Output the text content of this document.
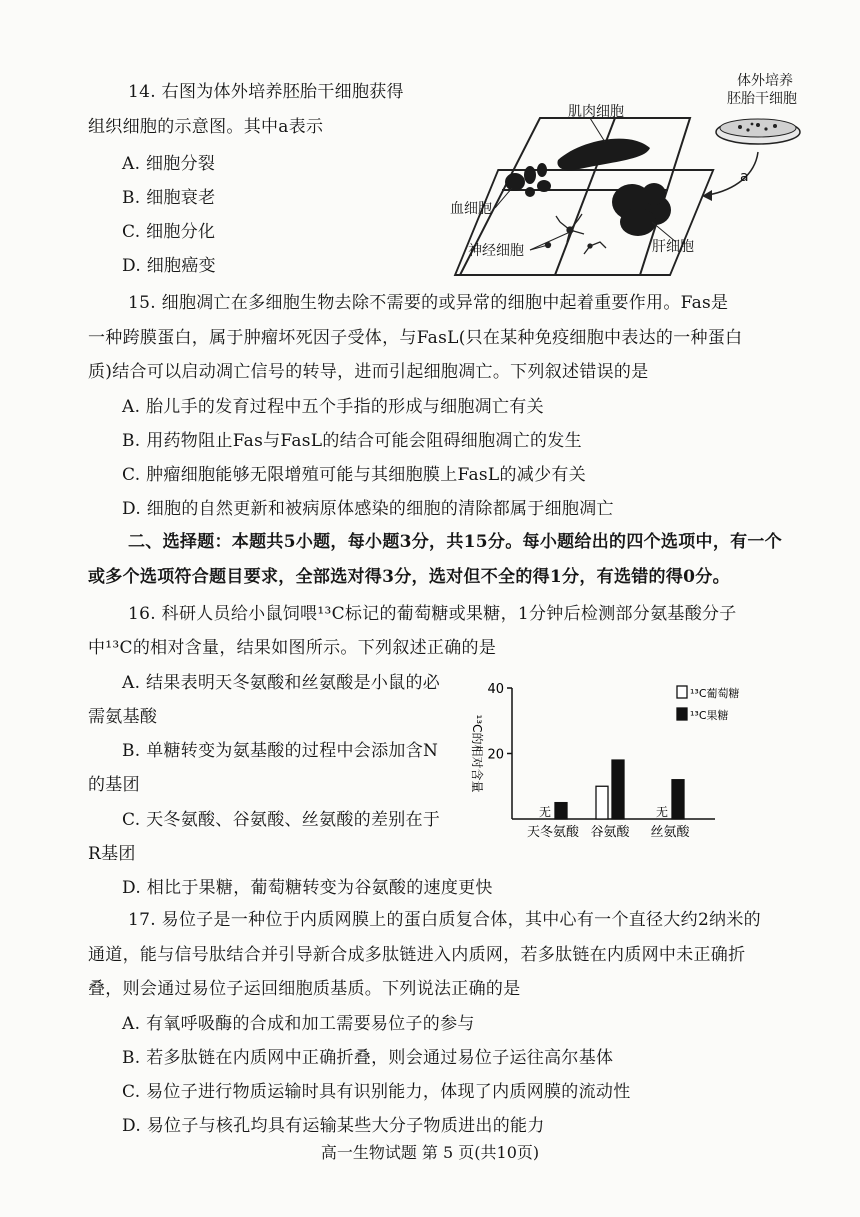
14. 右图为体外培养胚胎干细胞获得
组织细胞的示意图。其中a表示
A. 细胞分裂
B. 细胞衰老
C. 细胞分化
D. 细胞癌变
体外培养
胚胎干细胞
a
肌肉细胞
血细胞
神经细胞	肝细胞
15. 细胞凋亡在多细胞生物去除不需要的或异常的细胞中起着重要作用。Fas是
一种跨膜蛋白，属于肿瘤坏死因子受体，与FasL(只在某种免疫细胞中表达的一种蛋白
质)结合可以启动凋亡信号的转导，进而引起细胞凋亡。下列叙述错误的是
A. 胎儿手的发育过程中五个手指的形成与细胞凋亡有关
B. 用药物阻止Fas与FasL的结合可能会阻碍细胞凋亡的发生
C. 肿瘤细胞能够无限增殖可能与其细胞膜上FasL的减少有关
D. 细胞的自然更新和被病原体感染的细胞的清除都属于细胞凋亡
二、选择题：本题共5小题，每小题3分，共15分。每小题给出的四个选项中，有一个
或多个选项符合题目要求，全部选对得3分，选对但不全的得1分，有选错的得0分。
16. 科研人员给小鼠饲喂¹³C标记的葡萄糖或果糖，1分钟后检测部分氨基酸分子
中¹³C的相对含量，结果如图所示。下列叙述正确的是
A. 结果表明天冬氨酸和丝氨酸是小鼠的必
需氨基酸
B. 单糖转变为氨基酸的过程中会添加含N
的基团
C. 天冬氨酸、谷氨酸、丝氨酸的差别在于
R基团
D. 相比于果糖，葡萄糖转变为谷氨酸的速度更快
无	无
20
40
¹³C的相对含量
¹³C葡萄糖
¹³C果糖
天冬氨酸 谷氨酸 丝氨酸
17. 易位子是一种位于内质网膜上的蛋白质复合体，其中心有一个直径大约2纳米的
通道，能与信号肽结合并引导新合成多肽链进入内质网，若多肽链在内质网中未正确折
叠，则会通过易位子运回细胞质基质。下列说法正确的是
A. 有氧呼吸酶的合成和加工需要易位子的参与
B. 若多肽链在内质网中正确折叠，则会通过易位子运往高尔基体
C. 易位子进行物质运输时具有识别能力，体现了内质网膜的流动性
D. 易位子与核孔均具有运输某些大分子物质进出的能力
高一生物试题 第 5 页(共10页)
